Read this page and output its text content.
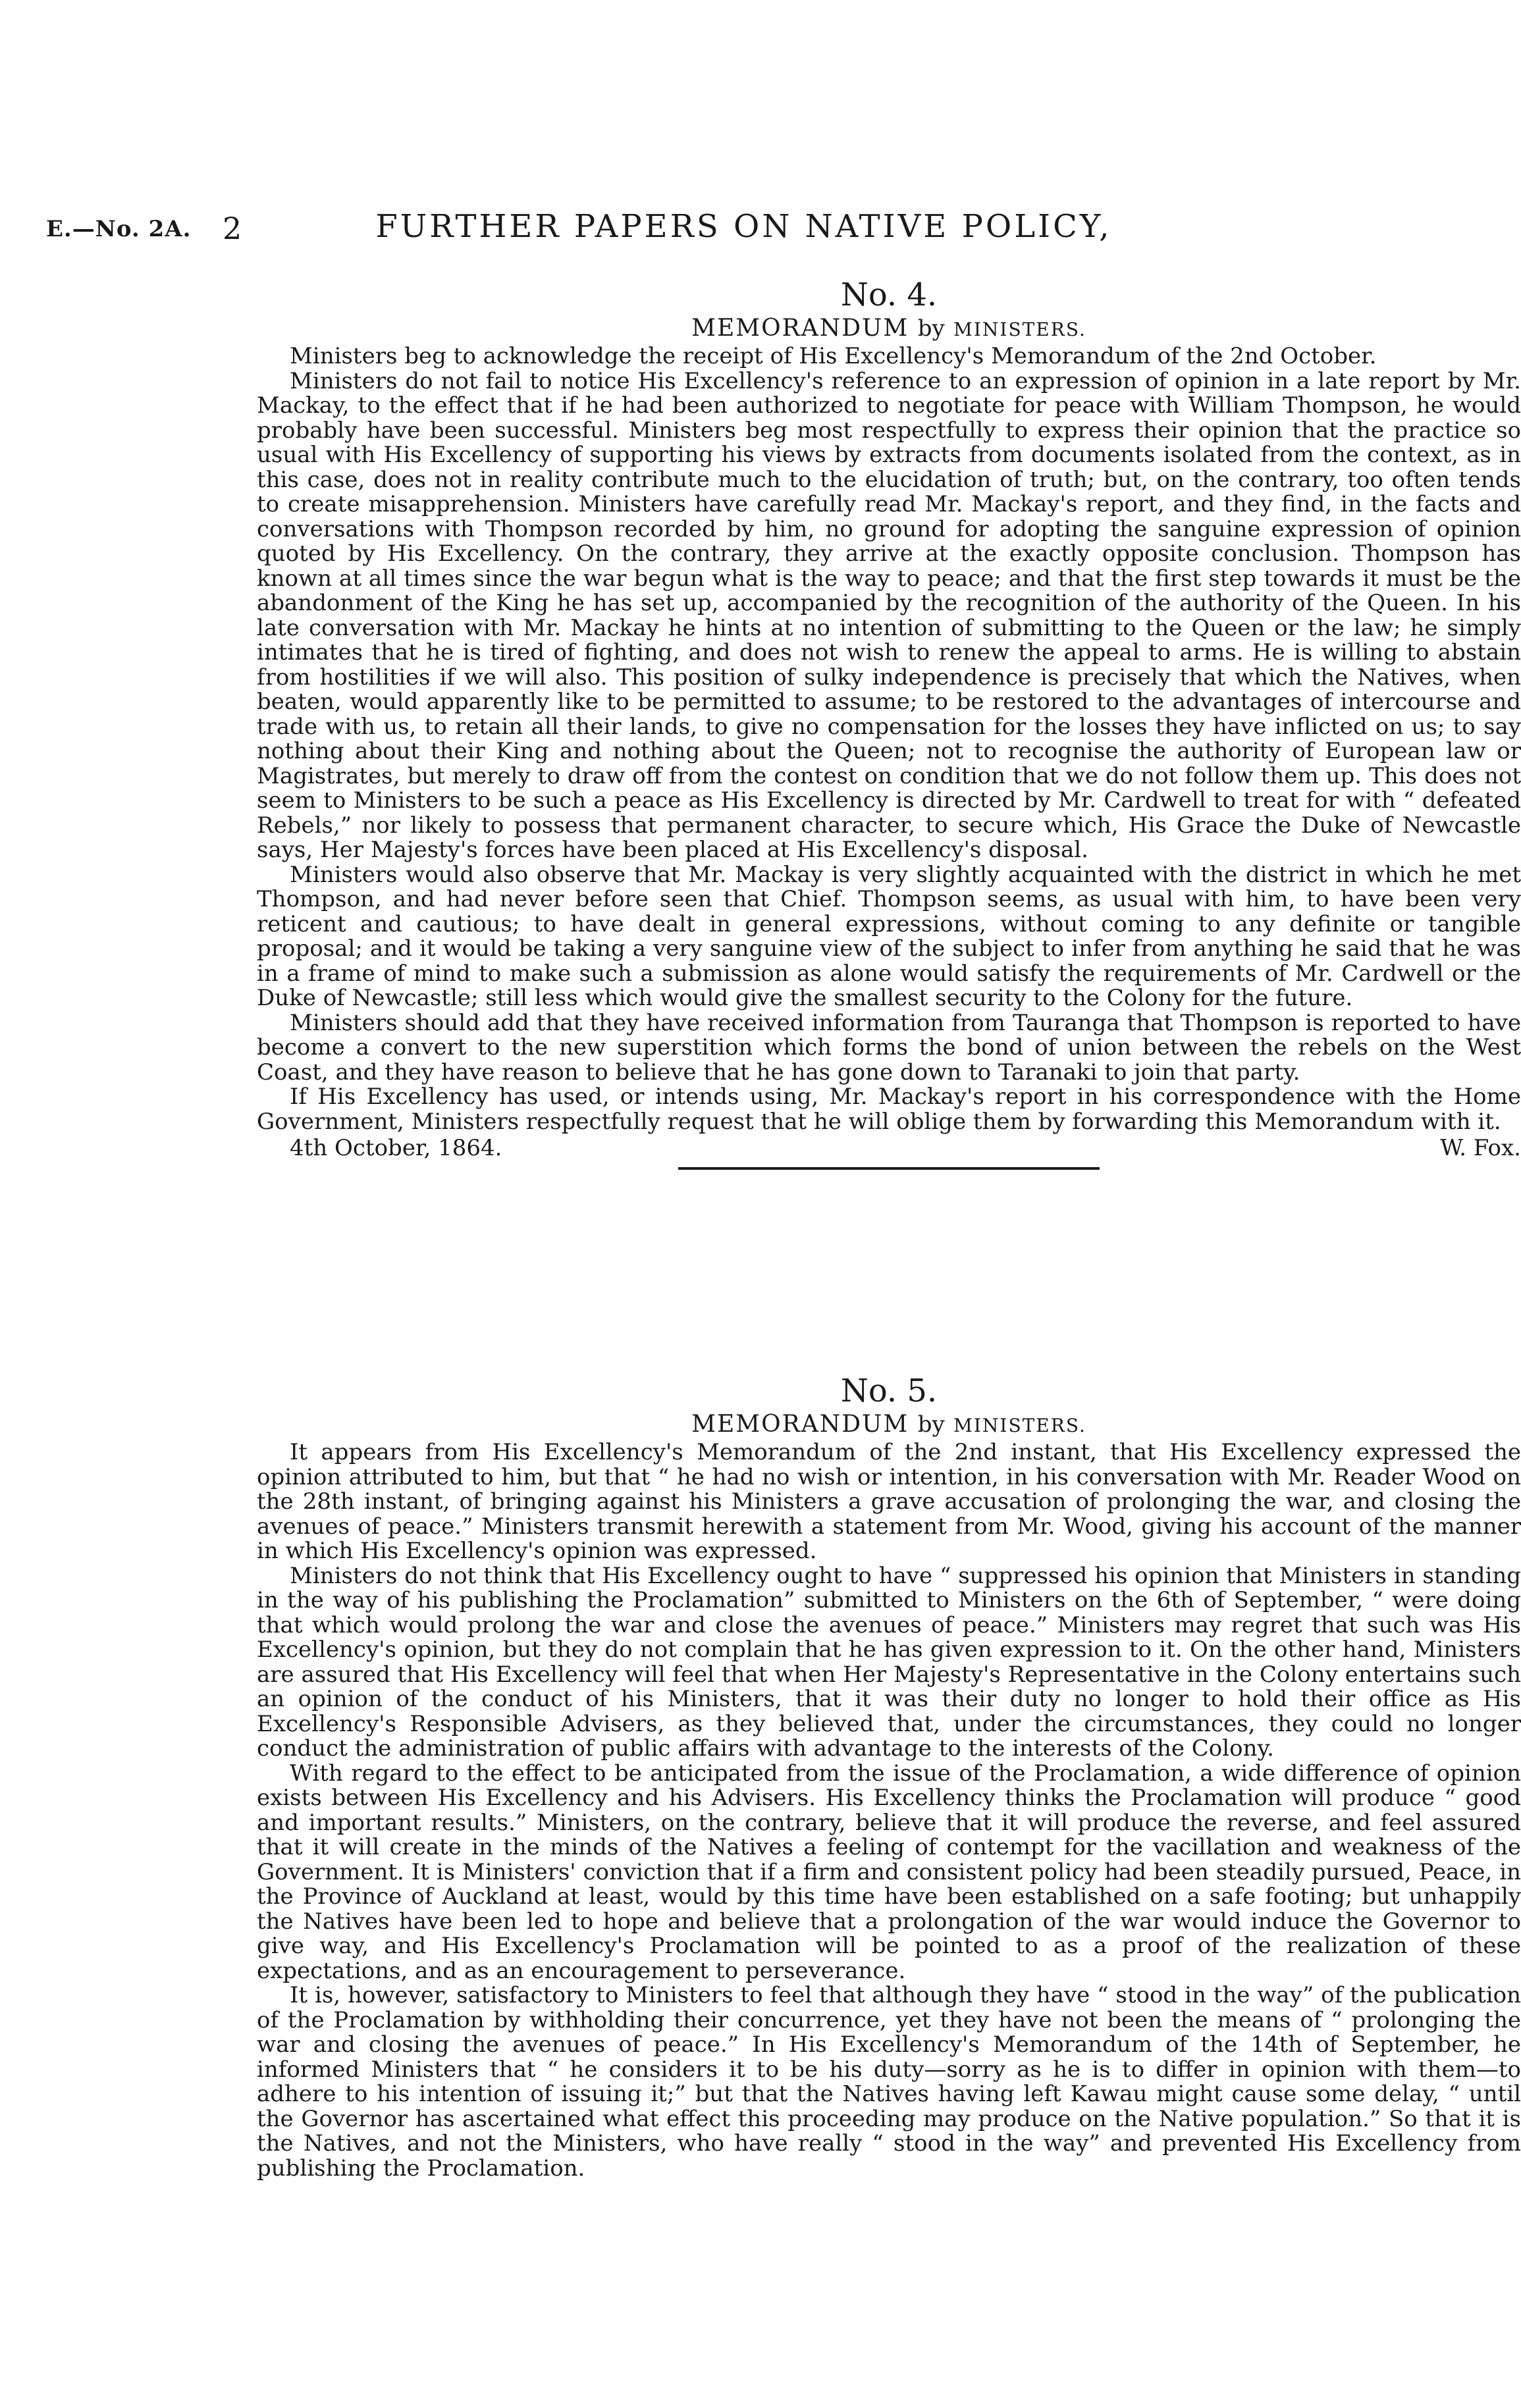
E.—No. 2A. 2	FURTHER PAPERS ON NATIVE POLICY,
No. 4.
MEMORANDUM by MINISTERS.

Ministers beg to acknowledge the receipt of His Excellency's Memorandum of the 2nd October.

Ministers do not fail to notice His Excellency's reference to an expression of opinion in a late report by Mr. Mackay, to the effect that if he had been authorized to negotiate for peace with William Thompson, he would probably have been successful. Ministers beg most respectfully to express their opinion that the practice so usual with His Excellency of supporting his views by extracts from documents isolated from the context, as in this case, does not in reality contribute much to the elucidation of truth; but, on the contrary, too often tends to create misapprehension. Ministers have carefully read Mr. Mackay's report, and they find, in the facts and conversations with Thompson recorded by him, no ground for adopting the sanguine expression of opinion quoted by His Excellency. On the contrary, they arrive at the exactly opposite conclusion. Thompson has known at all times since the war begun what is the way to peace; and that the first step towards it must be the abandonment of the King he has set up, accompanied by the recognition of the authority of the Queen. In his late conversation with Mr. Mackay he hints at no intention of submitting to the Queen or the law; he simply intimates that he is tired of fighting, and does not wish to renew the appeal to arms. He is willing to abstain from hostilities if we will also. This position of sulky independence is precisely that which the Natives, when beaten, would apparently like to be permitted to assume; to be restored to the advantages of intercourse and trade with us, to retain all their lands, to give no compensation for the losses they have inflicted on us; to say nothing about their King and nothing about the Queen; not to recognise the authority of European law or Magistrates, but merely to draw off from the contest on condition that we do not follow them up. This does not seem to Ministers to be such a peace as His Excellency is directed by Mr. Cardwell to treat for with “ defeated Rebels,” nor likely to possess that permanent character, to secure which, His Grace the Duke of Newcastle says, Her Majesty's forces have been placed at His Excellency's disposal.

Ministers would also observe that Mr. Mackay is very slightly acquainted with the district in which he met Thompson, and had never before seen that Chief. Thompson seems, as usual with him, to have been very reticent and cautious; to have dealt in general expressions, without coming to any definite or tangible proposal; and it would be taking a very sanguine view of the subject to infer from anything he said that he was in a frame of mind to make such a submission as alone would satisfy the requirements of Mr. Cardwell or the Duke of Newcastle; still less which would give the smallest security to the Colony for the future.

Ministers should add that they have received information from Tauranga that Thompson is reported to have become a convert to the new superstition which forms the bond of union between the rebels on the West Coast, and they have reason to believe that he has gone down to Taranaki to join that party.

If His Excellency has used, or intends using, Mr. Mackay's report in his correspondence with the Home Government, Ministers respectfully request that he will oblige them by forwarding this Memorandum with it.

4th October, 1864.	W. Fox.
No. 5.
MEMORANDUM by MINISTERS.

It appears from His Excellency's Memorandum of the 2nd instant, that His Excellency expressed the opinion attributed to him, but that “ he had no wish or intention, in his conversation with Mr. Reader Wood on the 28th instant, of bringing against his Ministers a grave accusation of prolonging the war, and closing the avenues of peace.” Ministers transmit herewith a statement from Mr. Wood, giving his account of the manner in which His Excellency's opinion was expressed.

Ministers do not think that His Excellency ought to have “ suppressed his opinion that Ministers in standing in the way of his publishing the Proclamation” submitted to Ministers on the 6th of September, “ were doing that which would prolong the war and close the avenues of peace.” Ministers may regret that such was His Excellency's opinion, but they do not complain that he has given expression to it. On the other hand, Ministers are assured that His Excellency will feel that when Her Majesty's Representative in the Colony entertains such an opinion of the conduct of his Ministers, that it was their duty no longer to hold their office as His Excellency's Responsible Advisers, as they believed that, under the circumstances, they could no longer conduct the administration of public affairs with advantage to the interests of the Colony.

With regard to the effect to be anticipated from the issue of the Proclamation, a wide difference of opinion exists between His Excellency and his Advisers. His Excellency thinks the Proclamation will produce “ good and important results.” Ministers, on the contrary, believe that it will produce the reverse, and feel assured that it will create in the minds of the Natives a feeling of contempt for the vacillation and weakness of the Government. It is Ministers' conviction that if a firm and consistent policy had been steadily pursued, Peace, in the Province of Auckland at least, would by this time have been established on a safe footing; but unhappily the Natives have been led to hope and believe that a prolongation of the war would induce the Governor to give way, and His Excellency's Proclamation will be pointed to as a proof of the realization of these expectations, and as an encouragement to perseverance.

It is, however, satisfactory to Ministers to feel that although they have “ stood in the way” of the publication of the Proclamation by withholding their concurrence, yet they have not been the means of “ prolonging the war and closing the avenues of peace.” In His Excellency's Memorandum of the 14th of September, he informed Ministers that “ he considers it to be his duty—sorry as he is to differ in opinion with them—to adhere to his intention of issuing it;” but that the Natives having left Kawau might cause some delay, “ until the Governor has ascertained what effect this proceeding may produce on the Native population.” So that it is the Natives, and not the Ministers, who have really “ stood in the way” and prevented His Excellency from publishing the Proclamation.
